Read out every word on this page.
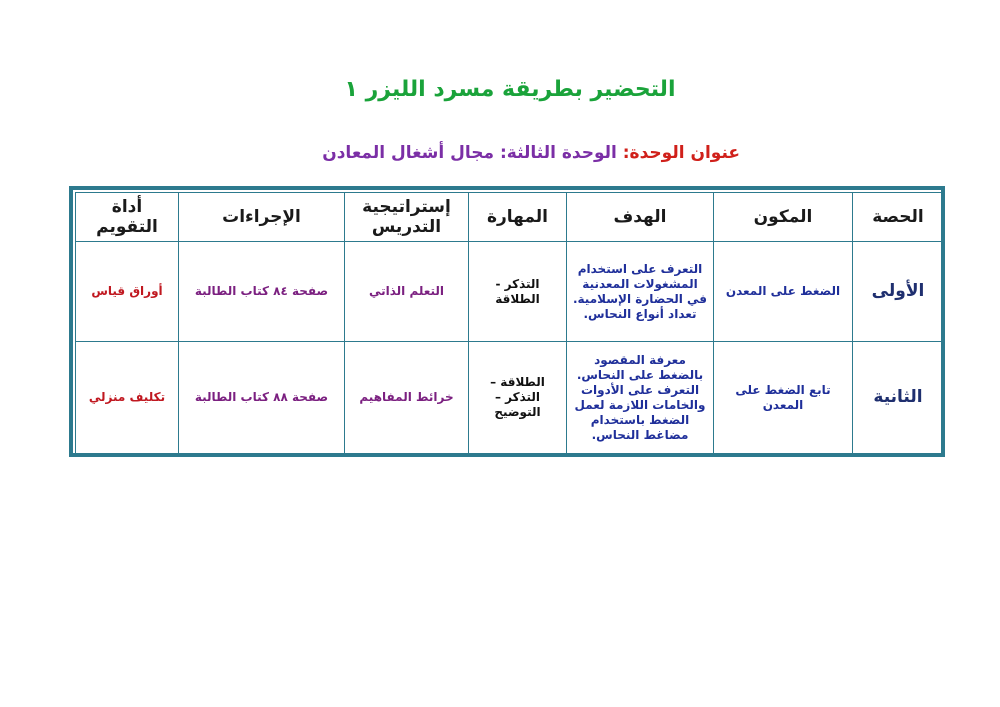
التحضير بطريقة مسرد الليزر ١
عنوان الوحدة: الوحدة الثالثة: مجال أشغال المعادن
الحصة	المكون	الهدف	المهارة	إستراتيجية التدريس	الإجراءات	أداة التقويم
الأولى	الضغط على المعدن	التعرف على استخدام المشغولات المعدنية في الحضارة الإسلامية. تعداد أنواع النحاس.	التذكر - الطلاقة	التعلم الذاتي	صفحة ٨٤ كتاب الطالبة	أوراق قياس
الثانية	تابع الضغط على المعدن	معرفة المقصود بالضغط على النحاس. التعرف على الأدوات والخامات اللازمة لعمل الضغط باستخدام مضاغط النحاس.	الطلاقة – التذكر – التوضيح	خرائط المفاهيم	صفحة ٨٨ كتاب الطالبة	تكليف منزلي
